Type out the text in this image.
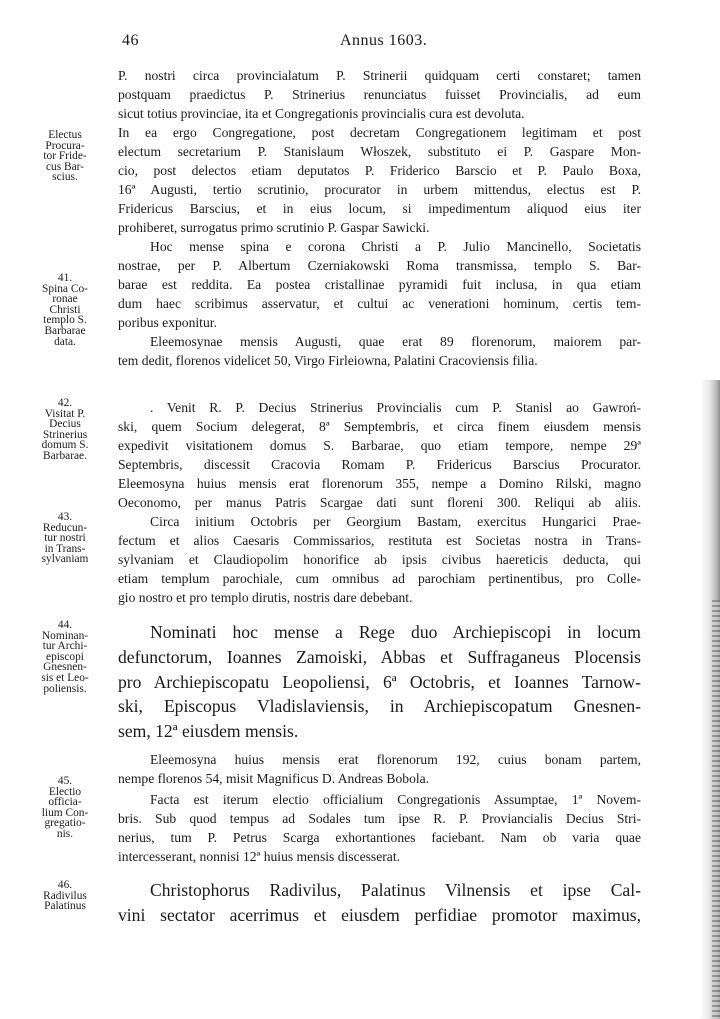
46	Annus 1603.
P. nostri circa provincialatum P. Strinerii quidquam certi constaret; tamen
postquam praedictus P. Strinerius renunciatus fuisset Provincialis, ad eum
sicut totius provinciae, ita et Congregationis provincialis cura est devoluta.
Electus
Procura-
tor Fride-
cus Bar-
scius.
In ea ergo Congregatione, post decretam Congregationem legitimam et post
electum secretarium P. Stanislaum Włoszek, substituto ei P. Gaspare Mon-
cio, post delectos etiam deputatos P. Friderico Barscio et P. Paulo Boxa,
16ª Augusti, tertio scrutinio, procurator in urbem mittendus, electus est P.
Fridericus Barscius, et in eius locum, si impedimentum aliquod eius iter
prohiberet, surrogatus primo scrutinio P. Gaspar Sawicki.
41.
Spina Co-
ronae
Christi
templo S.
Barbarae
data.
Hoc mense spina e corona Christi a P. Julio Mancinello, Societatis
nostrae, per P. Albertum Czerniakowski Roma transmissa, templo S. Bar-
barae est reddita. Ea postea cristallinae pyramidi fuit inclusa, in qua etiam
dum haec scribimus asservatur, et cultui ac venerationi hominum, certis tem-
poribus exponitur.
Eleemosynae mensis Augusti, quae erat 89 florenorum, maiorem par-
tem dedit, florenos videlicet 50, Virgo Firleiowna, Palatini Cracoviensis filia.
42.
Visitat P.
Decius
Strinerius
domum S.
Barbarae.
. Venit R. P. Decius Strinerius Provincialis cum P. Stanisl ao Gawroń-
ski, quem Socium delegerat, 8ª Semptembris, et circa finem eiusdem mensis
expedivit visitationem domus S. Barbarae, quo etiam tempore, nempe 29ª
Septembris, discessit Cracovia Romam P. Fridericus Barscius Procurator.
Eleemosyna huius mensis erat florenorum 355, nempe a Domino Rilski, magno
Oeconomo, per manus Patris Scargae dati sunt floreni 300. Reliqui ab aliis.
43.
Reducun-
tur nostri
in Trans-
sylvaniam
Circa initium Octobris per Georgium Bastam, exercitus Hungarici Prae-
fectum et alios Caesaris Commissarios, restituta est Societas nostra in Trans-
sylvaniam et Claudiopolim honorifice ab ipsis civibus haereticis deducta, qui
etiam templum parochiale, cum omnibus ad parochiam pertinentibus, pro Colle-
gio nostro et pro templo dirutis, nostris dare debebant.
44.
Nominan-
tur Archi-
episcopi
Gnesnen-
sis et Leo-
poliensis.
Nominati hoc mense a Rege duo Archiepiscopi in locum
defunctorum, Ioannes Zamoiski, Abbas et Suffraganeus Plocensis
pro Archiepiscopatu Leopoliensi, 6ª Octobris, et Ioannes Tarnow-
ski, Episcopus Vladislaviensis, in Archiepiscopatum Gnesnen-
sem, 12ª eiusdem mensis.
Eleemosyna huius mensis erat florenorum 192, cuius bonam partem,
nempe florenos 54, misit Magnificus D. Andreas Bobola.
45.
Electio
officia-
lium Con-
gregatio-
nis.
Facta est iterum electio officialium Congregationis Assumptae, 1ª Novem-
bris. Sub quod tempus ad Sodales tum ipse R. P. Proviancialis Decius Stri-
nerius, tum P. Petrus Scarga exhortantiones faciebant. Nam ob varia quae
intercesserant, nonnisi 12ª huius mensis discesserat.
46.
Radivilus
Palatinus
Christophorus Radivilus, Palatinus Vilnensis et ipse Cal-
vini sectator acerrimus et eiusdem perfidiae promotor maximus,
